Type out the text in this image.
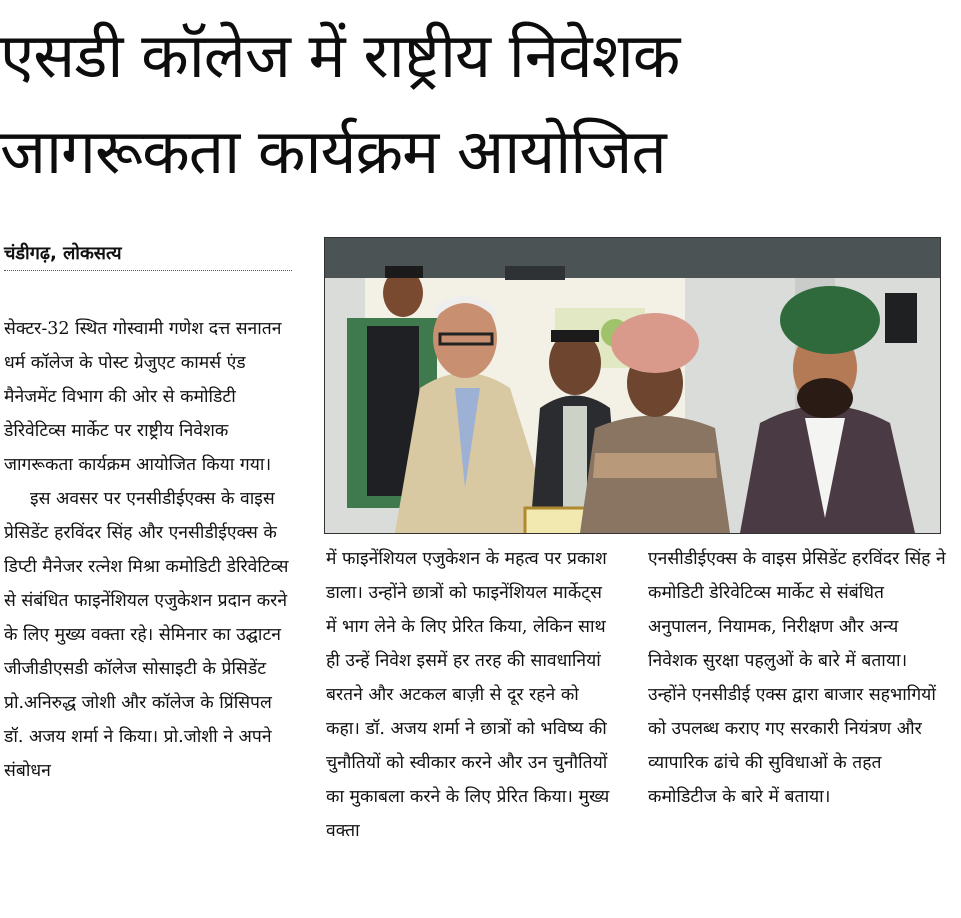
एसडी कॉलेज में राष्ट्रीय निवेशक
जागरूकता कार्यक्रम आयोजित
चंडीगढ़, लोकसत्य

सेक्टर-32 स्थित गोस्वामी गणेश दत्त सनातन धर्म कॉलेज के पोस्ट ग्रेजुएट कामर्स एंड मैनेजमेंट विभाग की ओर से कमोडिटी डेरिवेटिव्स मार्केट पर राष्ट्रीय निवेशक जागरूकता कार्यक्रम आयोजित किया गया।

इस अवसर पर एनसीडीईएक्स के वाइस प्रेसिडेंट हरविंदर सिंह और एनसीडीईएक्स के डिप्टी मैनेजर रत्नेश मिश्रा कमोडिटी डेरिवेटिव्स से संबंधित फाइनेंशियल एजुकेशन प्रदान करने के लिए मुख्य वक्ता रहे। सेमिनार का उद्घाटन जीजीडीएसडी कॉलेज सोसाइटी के प्रेसिडेंट प्रो.अनिरुद्ध जोशी और कॉलेज के प्रिंसिपल डॉ. अजय शर्मा ने किया। प्रो.जोशी ने अपने संबोधन

में फाइनेंशियल एजुकेशन के महत्व पर प्रकाश डाला। उन्होंने छात्रों को फाइनेंशियल मार्केट्स में भाग लेने के लिए प्रेरित किया, लेकिन साथ ही उन्हें निवेश इसमें हर तरह की सावधानियां बरतने और अटकल बाज़ी से दूर रहने को कहा। डॉ. अजय शर्मा ने छात्रों को भविष्य की चुनौतियों को स्वीकार करने और उन चुनौतियों का मुकाबला करने के लिए प्रेरित किया। मुख्य वक्ता

एनसीडीईएक्स के वाइस प्रेसिडेंट हरविंदर सिंह ने कमोडिटी डेरिवेटिव्स मार्केट से संबंधित अनुपालन, नियामक, निरीक्षण और अन्य निवेशक सुरक्षा पहलुओं के बारे में बताया। उन्होंने एनसीडीई एक्स द्वारा बाजार सहभागियों को उपलब्ध कराए गए सरकारी नियंत्रण और व्यापारिक ढांचे की सुविधाओं के तहत कमोडिटीज के बारे में बताया।
